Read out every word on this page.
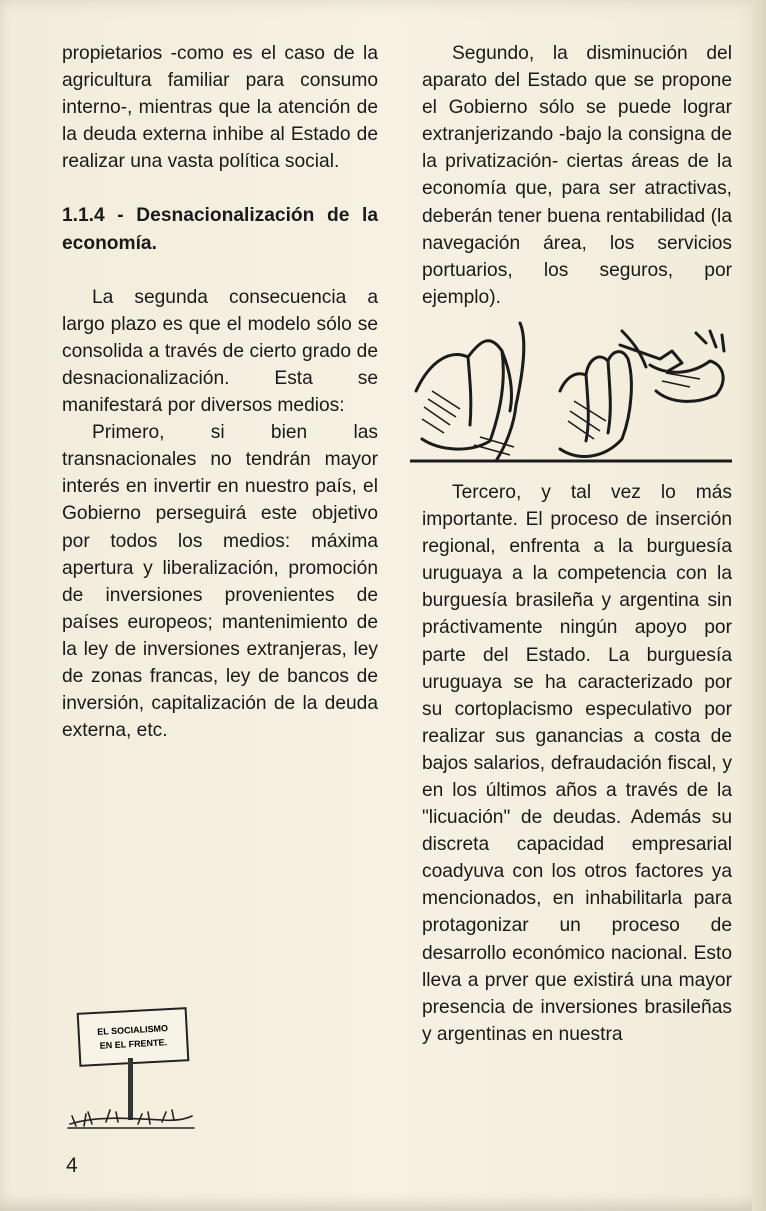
propietarios -como es el caso de la agricultura familiar para consumo interno-, mientras que la atención de la deuda externa inhibe al Estado de realizar una vasta política social.

1.1.4 - Desnacionalización de la economía.

La segunda consecuencia a largo plazo es que el modelo sólo se consolida a través de cierto grado de desnacionalización. Esta se manifestará por diversos medios:

Primero, si bien las transnacionales no tendrán mayor interés en invertir en nuestro país, el Gobierno perseguirá este objetivo por todos los medios: máxima apertura y liberalización, promoción de inversiones provenientes de países europeos; mantenimiento de la ley de inversiones extranjeras, ley de zonas francas, ley de bancos de inversión, capitalización de la deuda externa, etc.

Segundo, la disminución del aparato del Estado que se propone el Gobierno sólo se puede lograr extranjerizando -bajo la consigna de la privatización- ciertas áreas de la economía que, para ser atractivas, deberán tener buena rentabilidad (la navegación área, los servicios portuarios, los seguros, por ejemplo).

Tercero, y tal vez lo más importante. El proceso de inserción regional, enfrenta a la burguesía uruguaya a la competencia con la burguesía brasileña y argentina sin práctivamente ningún apoyo por parte del Estado. La burguesía uruguaya se ha caracterizado por su cortoplacismo especulativo por realizar sus ganancias a costa de bajos salarios, defraudación fiscal, y en los últimos años a través de la "licuación" de deudas. Además su discreta capacidad empresarial coadyuva con los otros factores ya mencionados, en inhabilitarla para protagonizar un proceso de desarrollo económico nacional. Esto lleva a prver que existirá una mayor presencia de inversiones brasileñas y argentinas en nuestra

EL SOCIALISMO
EN EL FRENTE.
4
